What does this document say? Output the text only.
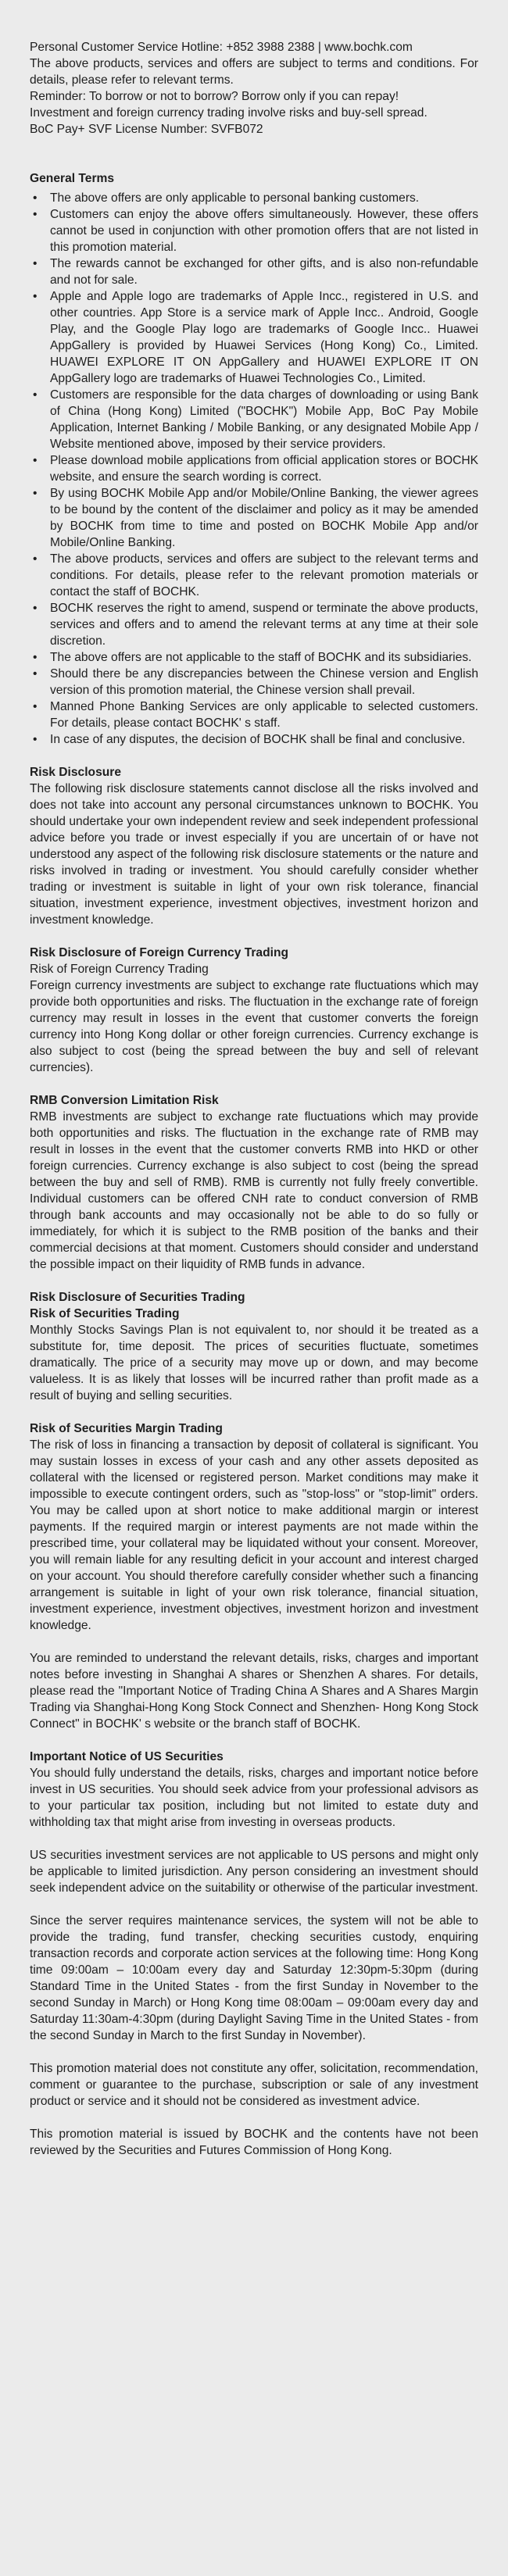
Personal Customer Service Hotline: +852 3988 2388 | www.bochk.com

The above products, services and offers are subject to terms and conditions. For details, please refer to relevant terms.

Reminder: To borrow or not to borrow? Borrow only if you can repay!

Investment and foreign currency trading involve risks and buy-sell spread.

BoC Pay+ SVF License Number: SVFB072

General Terms

• The above offers are only applicable to personal banking customers.
• Customers can enjoy the above offers simultaneously. However, these offers cannot be used in conjunction with other promotion offers that are not listed in this promotion material.
• The rewards cannot be exchanged for other gifts, and is also non-refundable and not for sale.
• Apple and Apple logo are trademarks of Apple Incc., registered in U.S. and other countries. App Store is a service mark of Apple Incc.. Android, Google Play, and the Google Play logo are trademarks of Google Incc.. Huawei AppGallery is provided by Huawei Services (Hong Kong) Co., Limited. HUAWEI EXPLORE IT ON AppGallery and HUAWEI EXPLORE IT ON AppGallery logo are trademarks of Huawei Technologies Co., Limited.
• Customers are responsible for the data charges of downloading or using Bank of China (Hong Kong) Limited ("BOCHK") Mobile App, BoC Pay Mobile Application, Internet Banking / Mobile Banking, or any designated Mobile App / Website mentioned above, imposed by their service providers.
• Please download mobile applications from official application stores or BOCHK website, and ensure the search wording is correct.
• By using BOCHK Mobile App and/or Mobile/Online Banking, the viewer agrees to be bound by the content of the disclaimer and policy as it may be amended by BOCHK from time to time and posted on BOCHK Mobile App and/or Mobile/Online Banking.
• The above products, services and offers are subject to the relevant terms and conditions. For details, please refer to the relevant promotion materials or contact the staff of BOCHK.
• BOCHK reserves the right to amend, suspend or terminate the above products, services and offers and to amend the relevant terms at any time at their sole discretion.
• The above offers are not applicable to the staff of BOCHK and its subsidiaries.
• Should there be any discrepancies between the Chinese version and English version of this promotion material, the Chinese version shall prevail.
• Manned Phone Banking Services are only applicable to selected customers. For details, please contact BOCHK' s staff.
• In case of any disputes, the decision of BOCHK shall be final and conclusive.

Risk Disclosure

The following risk disclosure statements cannot disclose all the risks involved and does not take into account any personal circumstances unknown to BOCHK. You should undertake your own independent review and seek independent professional advice before you trade or invest especially if you are uncertain of or have not understood any aspect of the following risk disclosure statements or the nature and risks involved in trading or investment. You should carefully consider whether trading or investment is suitable in light of your own risk tolerance, financial situation, investment experience, investment objectives, investment horizon and investment knowledge.

Risk Disclosure of Foreign Currency Trading

Risk of Foreign Currency Trading

Foreign currency investments are subject to exchange rate fluctuations which may provide both opportunities and risks. The fluctuation in the exchange rate of foreign currency may result in losses in the event that customer converts the foreign currency into Hong Kong dollar or other foreign currencies. Currency exchange is also subject to cost (being the spread between the buy and sell of relevant currencies).

RMB Conversion Limitation Risk

RMB investments are subject to exchange rate fluctuations which may provide both opportunities and risks. The fluctuation in the exchange rate of RMB may result in losses in the event that the customer converts RMB into HKD or other foreign currencies. Currency exchange is also subject to cost (being the spread between the buy and sell of RMB). RMB is currently not fully freely convertible. Individual customers can be offered CNH rate to conduct conversion of RMB through bank accounts and may occasionally not be able to do so fully or immediately, for which it is subject to the RMB position of the banks and their commercial decisions at that moment. Customers should consider and understand the possible impact on their liquidity of RMB funds in advance.

Risk Disclosure of Securities Trading

Risk of Securities Trading

Monthly Stocks Savings Plan is not equivalent to, nor should it be treated as a substitute for, time deposit. The prices of securities fluctuate, sometimes dramatically. The price of a security may move up or down, and may become valueless. It is as likely that losses will be incurred rather than profit made as a result of buying and selling securities.

Risk of Securities Margin Trading

The risk of loss in financing a transaction by deposit of collateral is significant. You may sustain losses in excess of your cash and any other assets deposited as collateral with the licensed or registered person. Market conditions may make it impossible to execute contingent orders, such as "stop-loss" or "stop-limit" orders. You may be called upon at short notice to make additional margin or interest payments. If the required margin or interest payments are not made within the prescribed time, your collateral may be liquidated without your consent. Moreover, you will remain liable for any resulting deficit in your account and interest charged on your account. You should therefore carefully consider whether such a financing arrangement is suitable in light of your own risk tolerance, financial situation, investment experience, investment objectives, investment horizon and investment knowledge.

You are reminded to understand the relevant details, risks, charges and important notes before investing in Shanghai A shares or Shenzhen A shares. For details, please read the "Important Notice of Trading China A Shares and A Shares Margin Trading via Shanghai-Hong Kong Stock Connect and Shenzhen- Hong Kong Stock Connect" in BOCHK' s website or the branch staff of BOCHK.

Important Notice of US Securities

You should fully understand the details, risks, charges and important notice before invest in US securities. You should seek advice from your professional advisors as to your particular tax position, including but not limited to estate duty and withholding tax that might arise from investing in overseas products.

US securities investment services are not applicable to US persons and might only be applicable to limited jurisdiction. Any person considering an investment should seek independent advice on the suitability or otherwise of the particular investment.

Since the server requires maintenance services, the system will not be able to provide the trading, fund transfer, checking securities custody, enquiring transaction records and corporate action services at the following time: Hong Kong time 09:00am – 10:00am every day and Saturday 12:30pm-5:30pm (during Standard Time in the United States - from the first Sunday in November to the second Sunday in March) or Hong Kong time 08:00am – 09:00am every day and Saturday 11:30am-4:30pm (during Daylight Saving Time in the United States - from the second Sunday in March to the first Sunday in November).

This promotion material does not constitute any offer, solicitation, recommendation, comment or guarantee to the purchase, subscription or sale of any investment product or service and it should not be considered as investment advice.

This promotion material is issued by BOCHK and the contents have not been reviewed by the Securities and Futures Commission of Hong Kong.
